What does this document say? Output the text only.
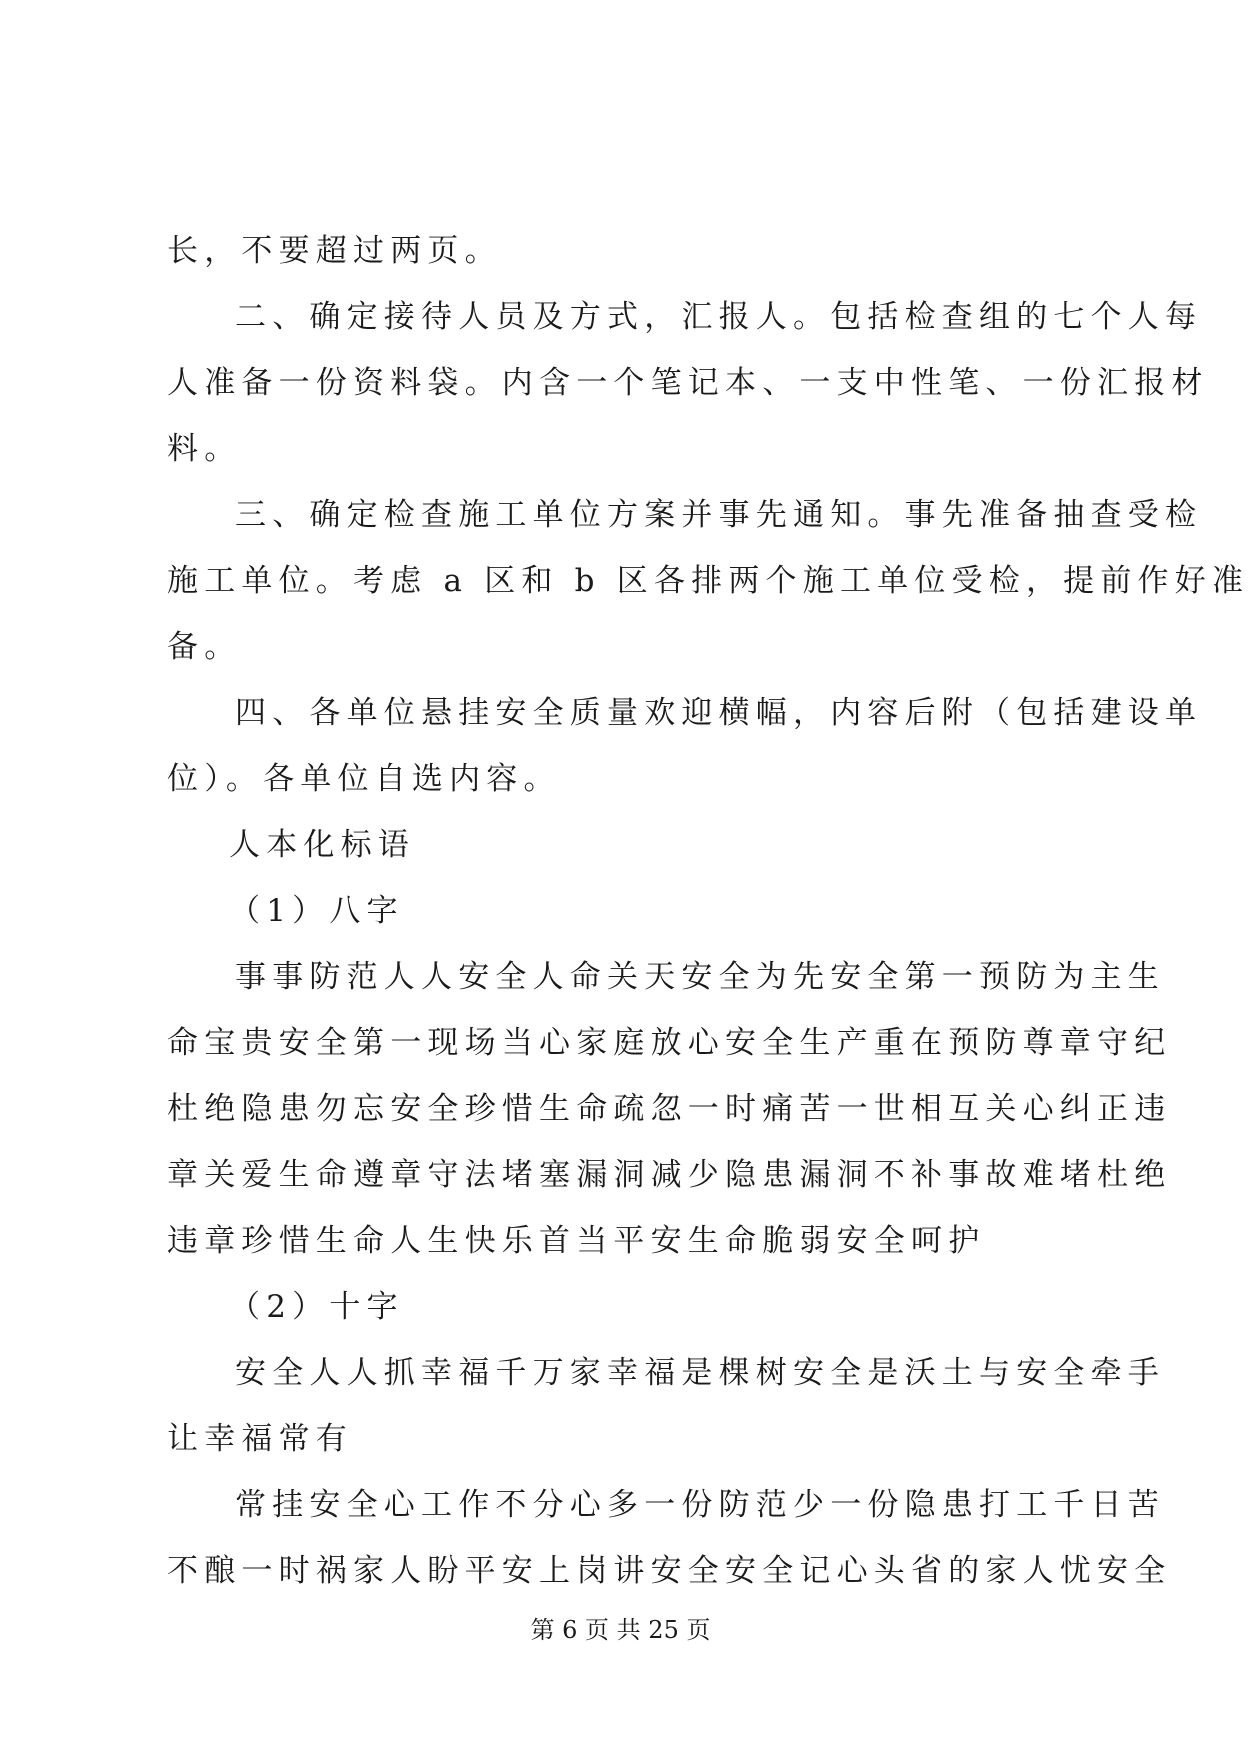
长，不要超过两页。
二、确定接待人员及方式，汇报人。包括检查组的七个人每
人准备一份资料袋。内含一个笔记本、一支中性笔、一份汇报材
料。
三、确定检查施工单位方案并事先通知。事先准备抽查受检
施工单位。考虑 a 区和 b 区各排两个施工单位受检，提前作好准
备。
四、各单位悬挂安全质量欢迎横幅，内容后附（包括建设单
位）。各单位自选内容。
人本化标语
（1）八字
事事防范人人安全人命关天安全为先安全第一预防为主生
命宝贵安全第一现场当心家庭放心安全生产重在预防尊章守纪
杜绝隐患勿忘安全珍惜生命疏忽一时痛苦一世相互关心纠正违
章关爱生命遵章守法堵塞漏洞减少隐患漏洞不补事故难堵杜绝
违章珍惜生命人生快乐首当平安生命脆弱安全呵护
（2）十字
安全人人抓幸福千万家幸福是棵树安全是沃土与安全牵手
让幸福常有
常挂安全心工作不分心多一份防范少一份隐患打工千日苦
不酿一时祸家人盼平安上岗讲安全安全记心头省的家人忧安全
第 6 页 共 25 页
